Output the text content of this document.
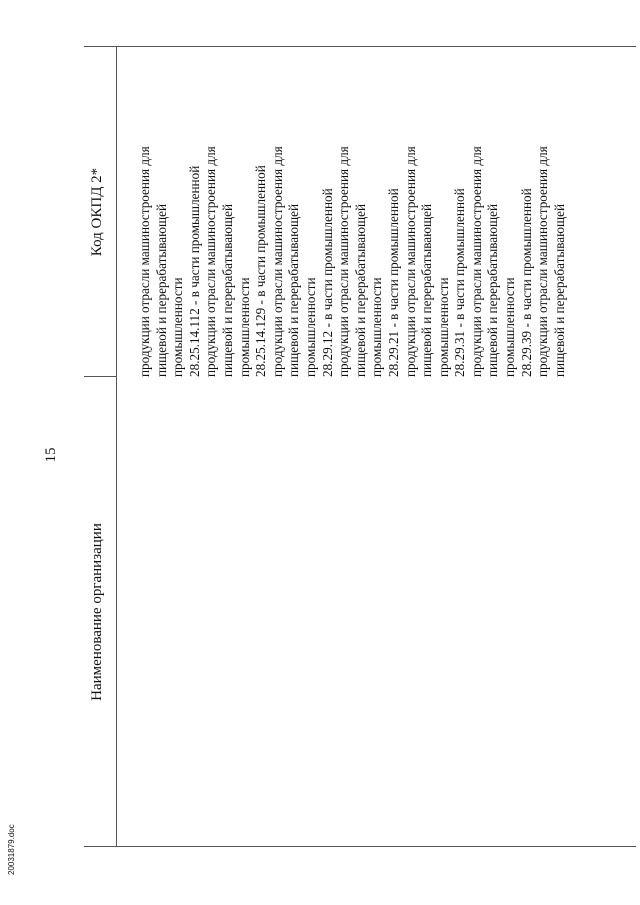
15
Наименование организации
Код ОКПД 2* продукции отрасли машиностроения для пищевой и перерабатывающей промышленности 28.25.14.112 - в части промышленной продукции отрасли машиностроения для пищевой и перерабатывающей промышленности 28.25.14.129 - в части промышленной продукции отрасли машиностроения для пищевой и перерабатывающей промышленности 28.29.12 - в части промышленной продукции отрасли машиностроения для пищевой и перерабатывающей промышленности 28.29.21 - в части промышленной продукции отрасли машиностроения для пищевой и перерабатывающей промышленности 28.29.31 - в части промышленной продукции отрасли машиностроения для пищевой и перерабатывающей промышленности 28.29.39 - в части промышленной продукции отрасли машиностроения для пищевой и перерабатывающей
20031879.doc
